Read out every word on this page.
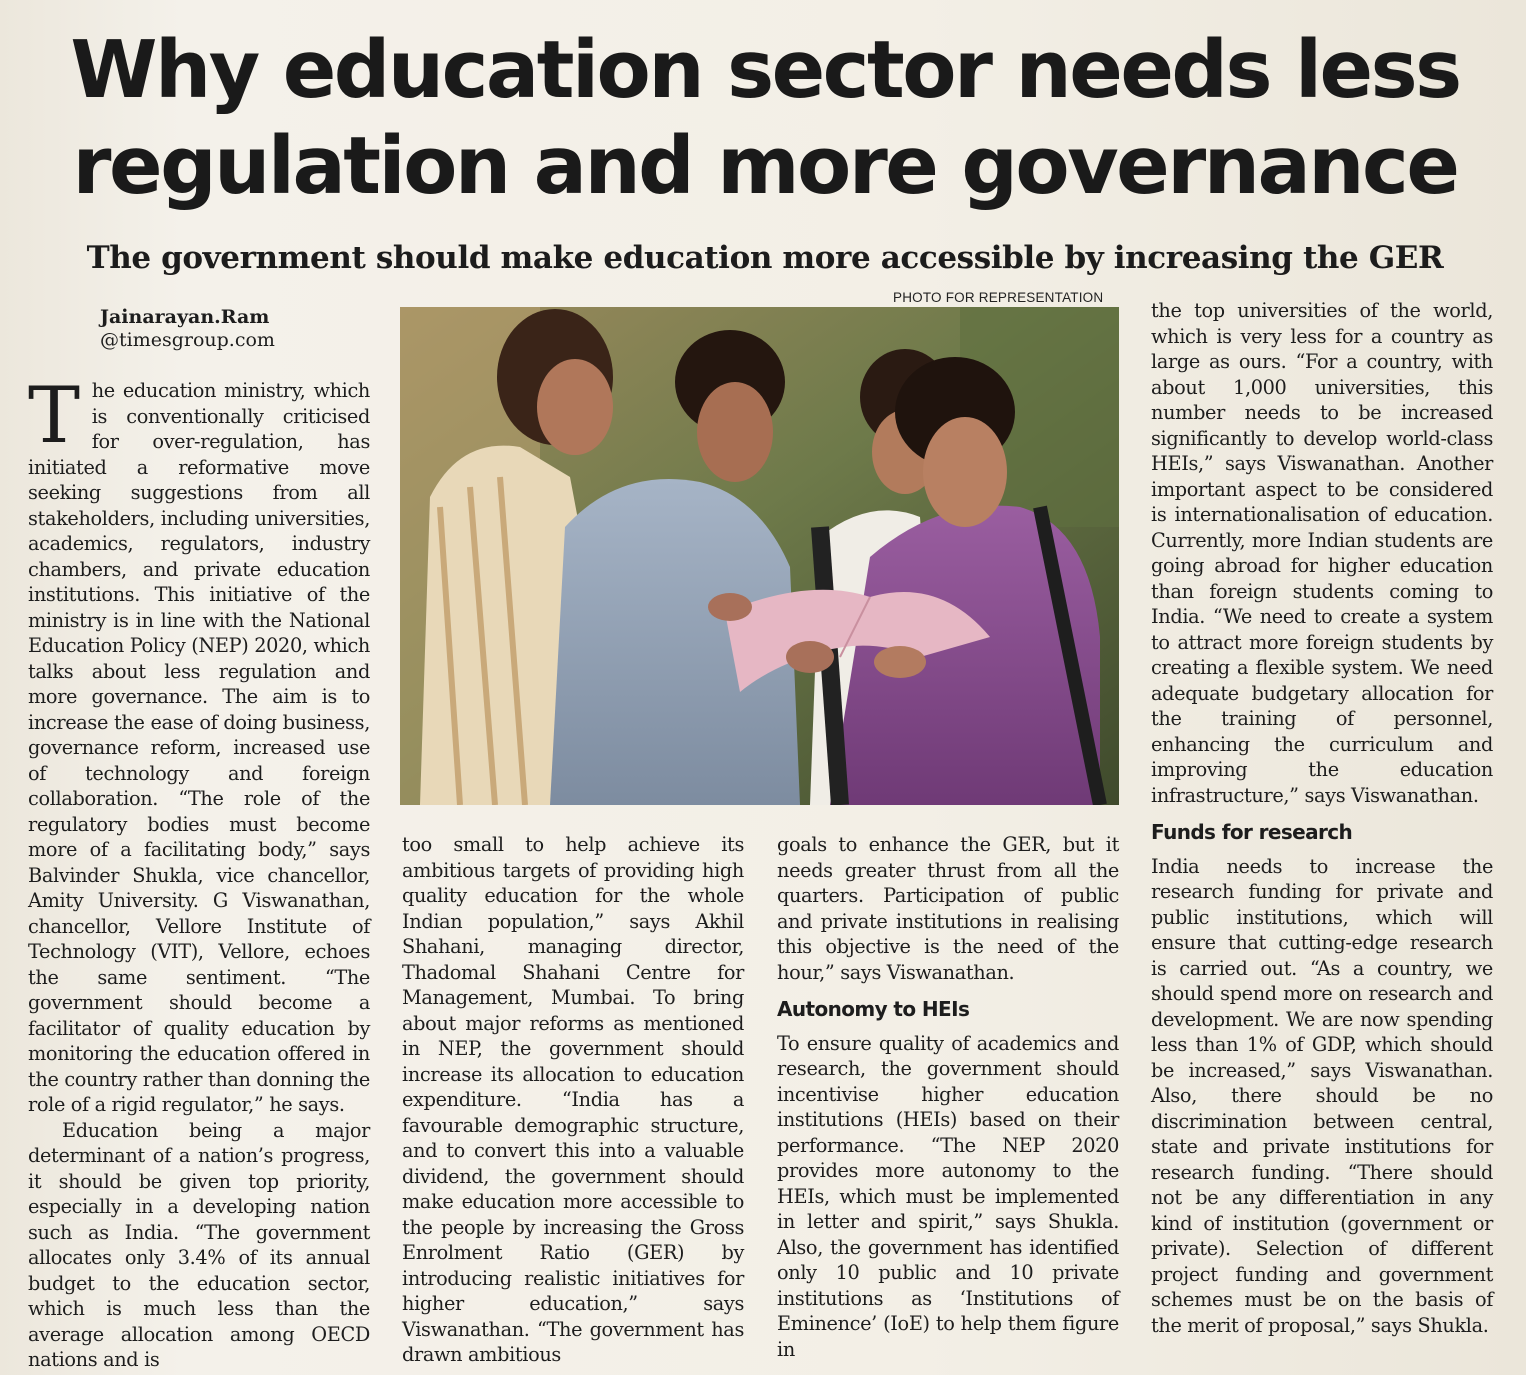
Why education sector needs less
regulation and more governance
The government should make education more accessible by increasing the GER
Jainarayan.Ram
@timesgroup.com
PHOTO FOR REPRESENTATION

The education ministry, which is conventionally criticised for over-regulation, has initiated a reformative move seeking suggestions from all stakeholders, including universities, academics, regulators, industry chambers, and private education institutions. This initiative of the ministry is in line with the National Education Policy (NEP) 2020, which talks about less regulation and more governance. The aim is to increase the ease of doing business, governance reform, increased use of technology and foreign collaboration. “The role of the regulatory bodies must become more of a facilitating body,” says Balvinder Shukla, vice chancellor, Amity University. G Viswanathan, chancellor, Vellore Institute of Technology (VIT), Vellore, echoes the same sentiment. “The government should become a facilitator of quality education by monitoring the education offered in the country rather than donning the role of a rigid regulator,” he says.

Education being a major determinant of a nation’s progress, it should be given top priority, especially in a developing nation such as India. “The government allocates only 3.4% of its annual budget to the education sector, which is much less than the average allocation among OECD nations and is

too small to help achieve its ambitious targets of providing high quality education for the whole Indian population,” says Akhil Shahani, managing director, Thadomal Shahani Centre for Management, Mumbai. To bring about major reforms as mentioned in NEP, the government should increase its allocation to education expenditure. “India has a favourable demographic structure, and to convert this into a valuable dividend, the government should make education more accessible to the people by increasing the Gross Enrolment Ratio (GER) by introducing realistic initiatives for higher education,” says Viswanathan. “The government has drawn ambitious

goals to enhance the GER, but it needs greater thrust from all the quarters. Participation of public and private institutions in realising this objective is the need of the hour,” says Viswanathan.

Autonomy to HEIs

To ensure quality of academics and research, the government should incentivise higher education institutions (HEIs) based on their performance. “The NEP 2020 provides more autonomy to the HEIs, which must be implemented in letter and spirit,” says Shukla. Also, the government has identified only 10 public and 10 private institutions as ‘Institutions of Eminence’ (IoE) to help them figure in

the top universities of the world, which is very less for a country as large as ours. “For a country, with about 1,000 universities, this number needs to be increased significantly to develop world-class HEIs,” says Viswanathan. Another important aspect to be considered is internationalisation of education. Currently, more Indian students are going abroad for higher education than foreign students coming to India. “We need to create a system to attract more foreign students by creating a flexible system. We need adequate budgetary allocation for the training of personnel, enhancing the curriculum and improving the education infrastructure,” says Viswanathan.

Funds for research

India needs to increase the research funding for private and public institutions, which will ensure that cutting-edge research is carried out. “As a country, we should spend more on research and development. We are now spending less than 1% of GDP, which should be increased,” says Viswanathan. Also, there should be no discrimination between central, state and private institutions for research funding. “There should not be any differentiation in any kind of institution (government or private). Selection of different project funding and government schemes must be on the basis of the merit of proposal,” says Shukla.
